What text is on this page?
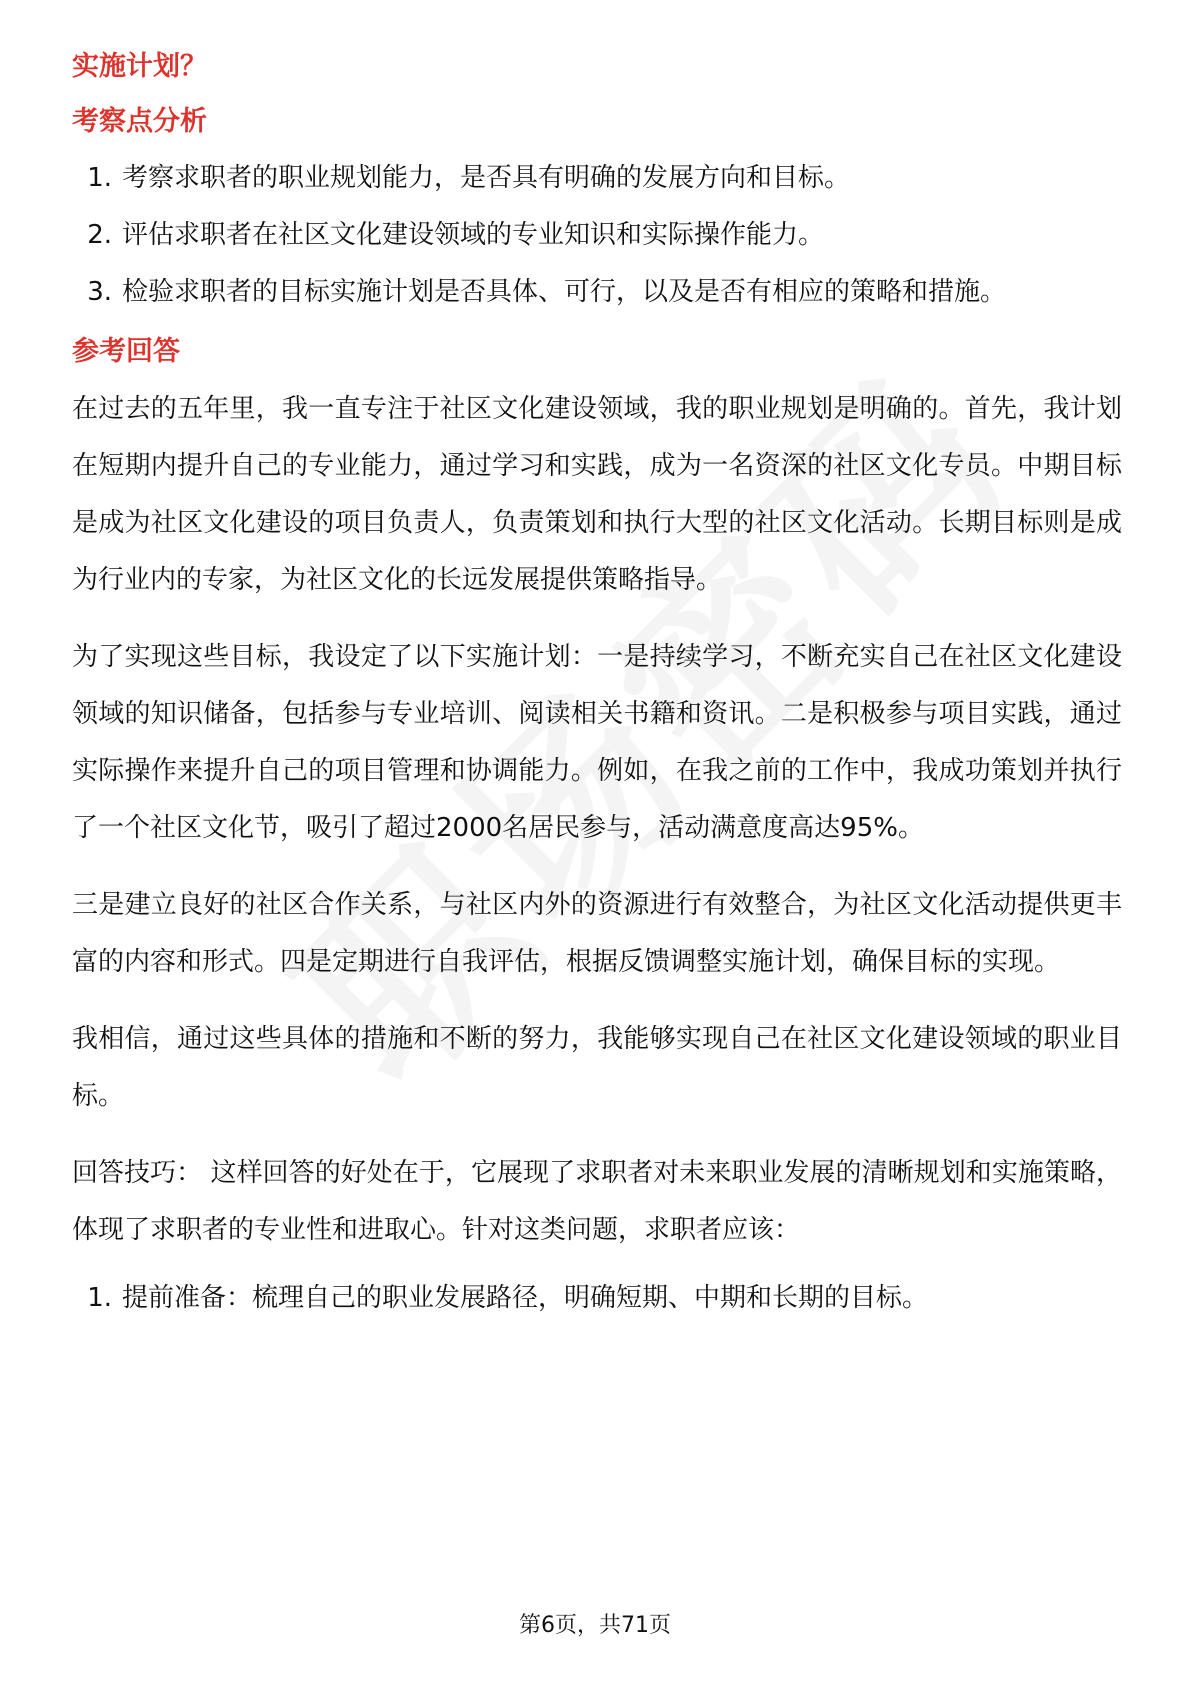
实施计划？
考察点分析
1. 考察求职者的职业规划能力，是否具有明确的发展方向和目标。
2. 评估求职者在社区文化建设领域的专业知识和实际操作能力。
3. 检验求职者的目标实施计划是否具体、可行，以及是否有相应的策略和措施。
参考回答

在过去的五年里，我一直专注于社区文化建设领域，我的职业规划是明确的。首先，我计划在短期内提升自己的专业能力，通过学习和实践，成为一名资深的社区文化专员。中期目标是成为社区文化建设的项目负责人，负责策划和执行大型的社区文化活动。长期目标则是成为行业内的专家，为社区文化的长远发展提供策略指导。

为了实现这些目标，我设定了以下实施计划：一是持续学习，不断充实自己在社区文化建设领域的知识储备，包括参与专业培训、阅读相关书籍和资讯。二是积极参与项目实践，通过实际操作来提升自己的项目管理和协调能力。例如，在我之前的工作中，我成功策划并执行了一个社区文化节，吸引了超过2000名居民参与，活动满意度高达95%。

三是建立良好的社区合作关系，与社区内外的资源进行有效整合，为社区文化活动提供更丰富的内容和形式。四是定期进行自我评估，根据反馈调整实施计划，确保目标的实现。

我相信，通过这些具体的措施和不断的努力，我能够实现自己在社区文化建设领域的职业目标。

回答技巧： 这样回答的好处在于，它展现了求职者对未来职业发展的清晰规划和实施策略，体现了求职者的专业性和进取心。针对这类问题，求职者应该：

1. 提前准备：梳理自己的职业发展路径，明确短期、中期和长期的目标。
第6页，共71页
